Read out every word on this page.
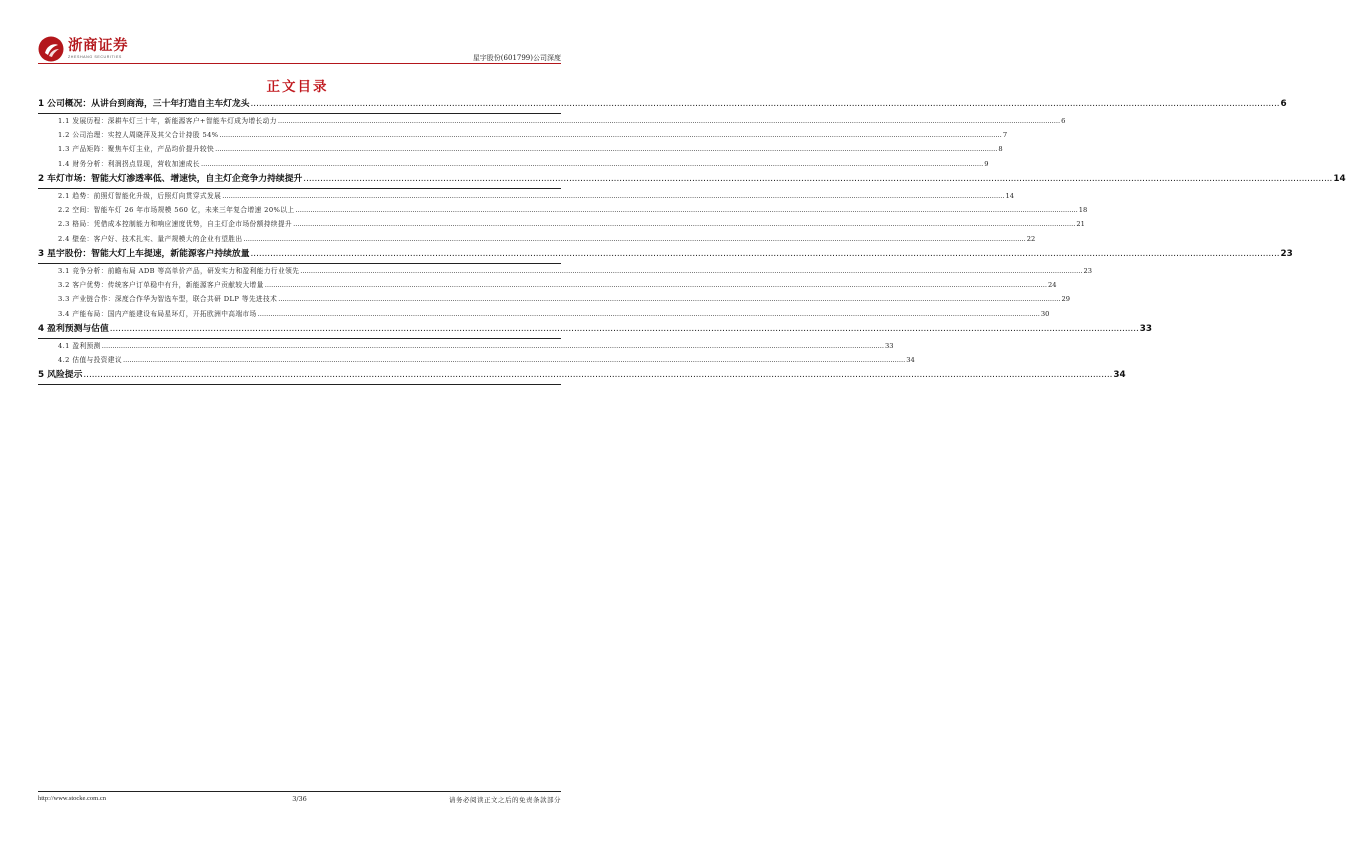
浙商证券
ZHESHANG SECURITIES	星宇股份(601799)公司深度
正文目录
1 公司概况：从讲台到商海，三十年打造自主车灯龙头 .....	6
1.1 发展历程：深耕车灯三十年，新能源客户+智能车灯成为增长动力 .....	6
1.2 公司治理：实控人周晓萍及其父合计持股 54% .....	7
1.3 产品矩阵：聚焦车灯主业，产品均价提升较快 .....	8
1.4 财务分析：利润拐点显现，营收加速成长 .....	9
2 车灯市场：智能大灯渗透率低、增速快，自主灯企竞争力持续提升 .....	14
2.1 趋势：前照灯智能化升级，后照灯向贯穿式发展 .....	14
2.2 空间：智能车灯 26 年市场规模 560 亿，未来三年复合增速 20%以上 .....	18
2.3 格局：凭借成本控制能力和响应速度优势，自主灯企市场份额持续提升 .....	21
2.4 壁垒：客户好、技术扎实、量产规模大的企业有望胜出 .....	22
3 星宇股份：智能大灯上车提速，新能源客户持续放量 .....	23
3.1 竞争分析：前瞻布局 ADB 等高单价产品，研发实力和盈利能力行业领先 .....	23
3.2 客户优势：传统客户订单稳中有升，新能源客户贡献较大增量 .....	24
3.3 产业链合作：深度合作华为智选车型，联合共研 DLP 等先进技术 .....	29
3.4 产能布局：国内产能建设布局星环灯，开拓欧洲中高端市场 .....	30
4 盈利预测与估值 .....	33
4.1 盈利预测 .....	33
4.2 估值与投资建议 .....	34
5 风险提示 .....	34
http://www.stocke.com.cn	3/36	请务必阅读正文之后的免责条款部分
